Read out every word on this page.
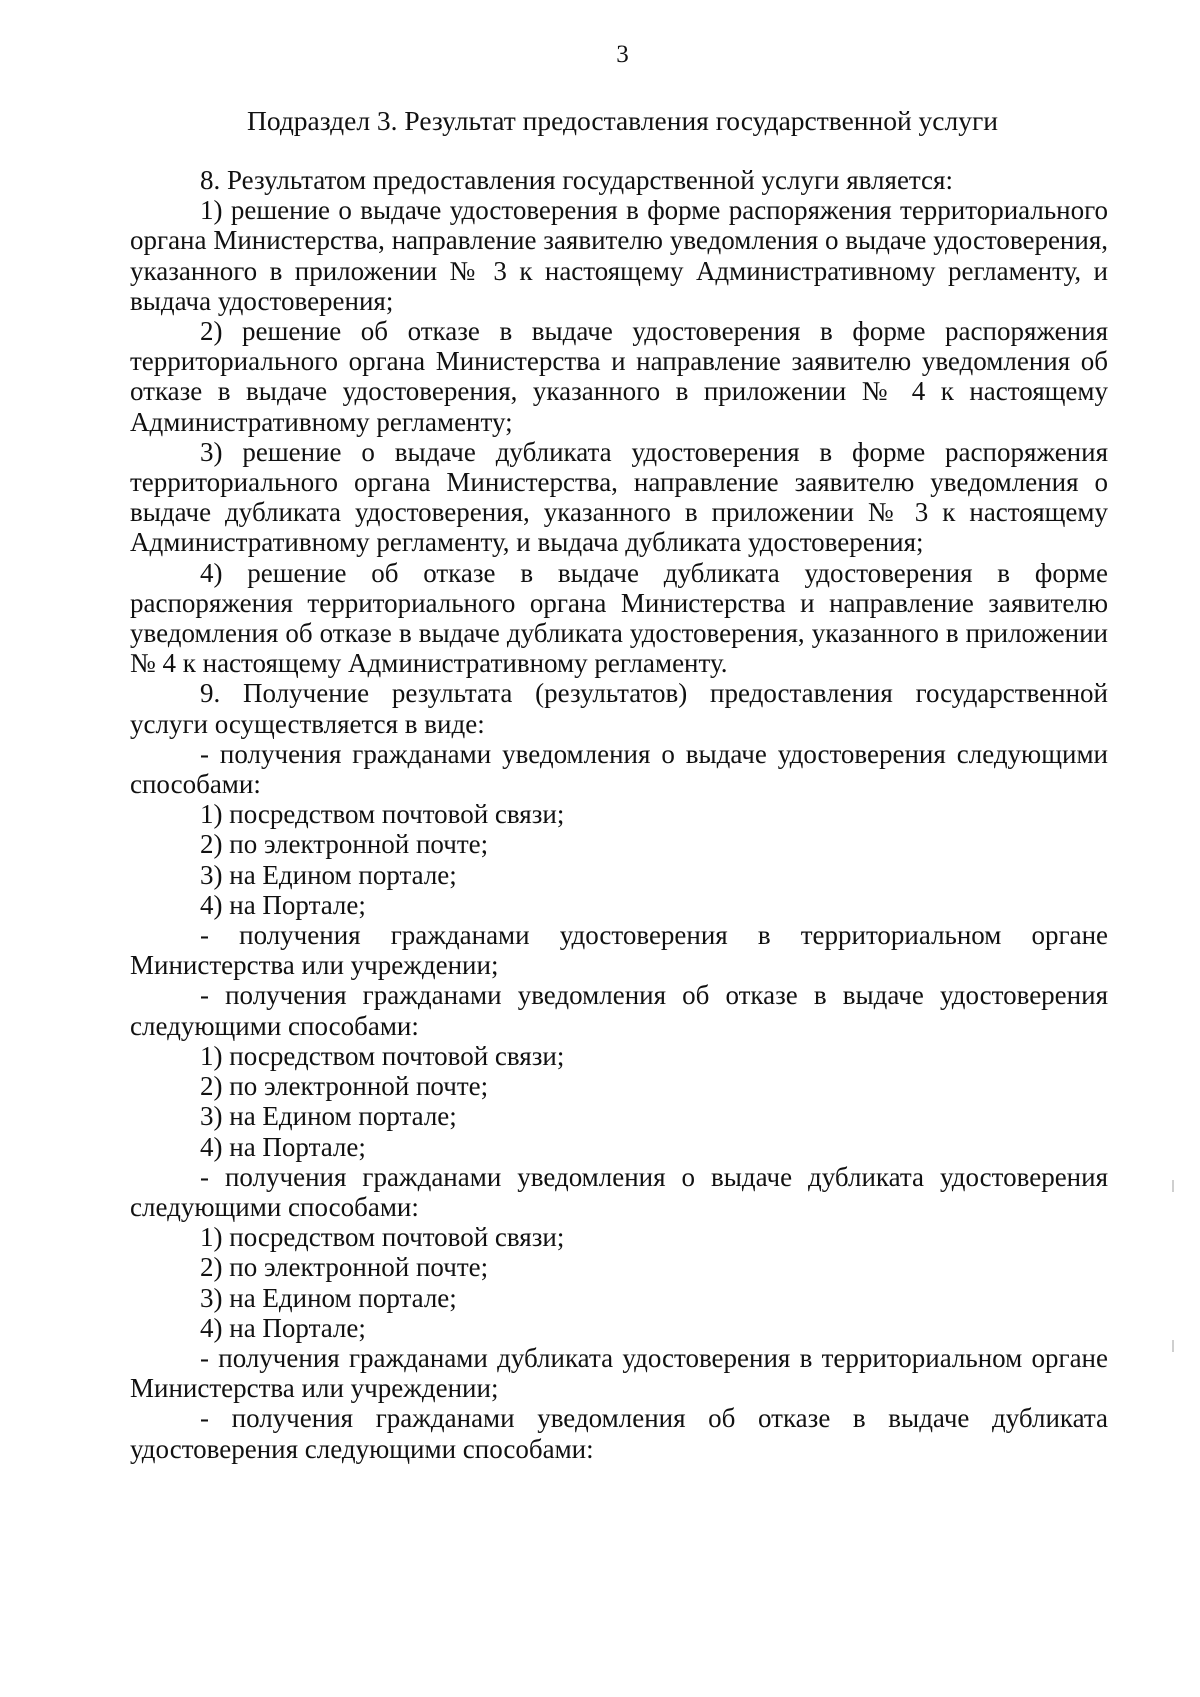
3
Подраздел 3. Результат предоставления государственной услуги

8. Результатом предоставления государственной услуги является:

1) решение о выдаче удостоверения в форме распоряжения территориального органа Министерства, направление заявителю уведомления о выдаче удостоверения, указанного в приложении № 3 к настоящему Административному регламенту, и выдача удостоверения;

2) решение об отказе в выдаче удостоверения в форме распоряжения территориального органа Министерства и направление заявителю уведомления об отказе в выдаче удостоверения, указанного в приложении № 4 к настоящему Административному регламенту;

3) решение о выдаче дубликата удостоверения в форме распоряжения территориального органа Министерства, направление заявителю уведомления о выдаче дубликата удостоверения, указанного в приложении № 3 к настоящему Административному регламенту, и выдача дубликата удостоверения;

4) решение об отказе в выдаче дубликата удостоверения в форме распоряжения территориального органа Министерства и направление заявителю уведомления об отказе в выдаче дубликата удостоверения, указанного в приложении № 4 к настоящему Административному регламенту.

9. Получение результата (результатов) предоставления государственной услуги осуществляется в виде:

- получения гражданами уведомления о выдаче удостоверения следующими способами:

1) посредством почтовой связи;

2) по электронной почте;

3) на Едином портале;

4) на Портале;

- получения гражданами удостоверения в территориальном органе Министерства или учреждении;

- получения гражданами уведомления об отказе в выдаче удостоверения следующими способами:

1) посредством почтовой связи;

2) по электронной почте;

3) на Едином портале;

4) на Портале;

- получения гражданами уведомления о выдаче дубликата удостоверения следующими способами:

1) посредством почтовой связи;

2) по электронной почте;

3) на Едином портале;

4) на Портале;

- получения гражданами дубликата удостоверения в территориальном органе Министерства или учреждении;

- получения гражданами уведомления об отказе в выдаче дубликата удостоверения следующими способами:
